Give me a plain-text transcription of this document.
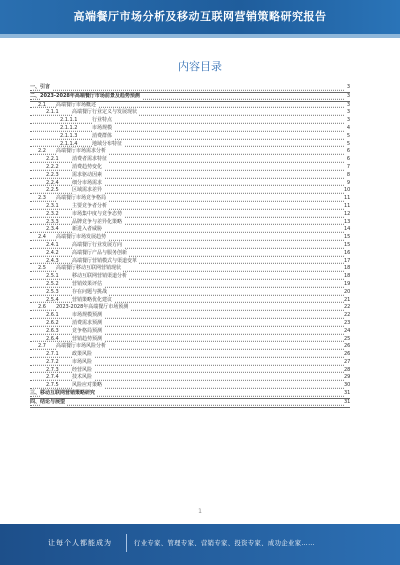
高端餐厅市场分析及移动互联网营销策略研究报告
内容目录
一、 引言	3
二、 2023-2028年高端餐厅市场前景及趋势预测	3
2.1 高端餐厅市场概述	3
2.1.1	高端餐厅行业定义与发展现状	3
2.1.1.1	行业特点	3
2.1.1.2	市场规模	4
2.1.1.3	消费群体	5
2.1.1.4	地域分布特征	5
2.2 高端餐厅市场需求分析	6
2.2.1	消费者需求特征	6
2.2.2	消费趋势变化	7
2.2.3	需求驱动因素	8
2.2.4	细分市场需求	9
2.2.5	区域需求差异	10
2.3 高端餐厅市场竞争格局	11
2.3.1	主要竞争者分析	11
2.3.2	市场集中度与竞争态势	12
2.3.3	品牌竞争与差异化策略	13
2.3.4	新进入者威胁	14
2.4 高端餐厅市场发展趋势	15
2.4.1	高端餐厅行业发展方向	15
2.4.2	高端餐厅产品与服务创新	16
2.4.3	高端餐厅营销模式与渠道变革	17
2.5 高端餐厅移动互联网营销现状	18
2.5.1	移动互联网营销渠道分析	18
2.5.2	营销效果评估	19
2.5.3	存在问题与挑战	20
2.5.4	营销策略优化建议	21
2.6 2023-2028年高端餐厅市场预测	22
2.6.1	市场规模预测	22
2.6.2	消费需求预测	23
2.6.3	竞争格局预测	24
2.6.4	营销趋势预测	25
2.7 高端餐厅市场风险分析	26
2.7.1	政策风险	26
2.7.2	市场风险	27
2.7.3	经营风险	28
2.7.4	技术风险	29
2.7.5	风险应对策略	30
三、 移动互联网营销策略研究	31
四、 结论与展望	31
1
让每个人都能成为	行业专家、管理专家、营销专家、投资专家、成功企业家……
